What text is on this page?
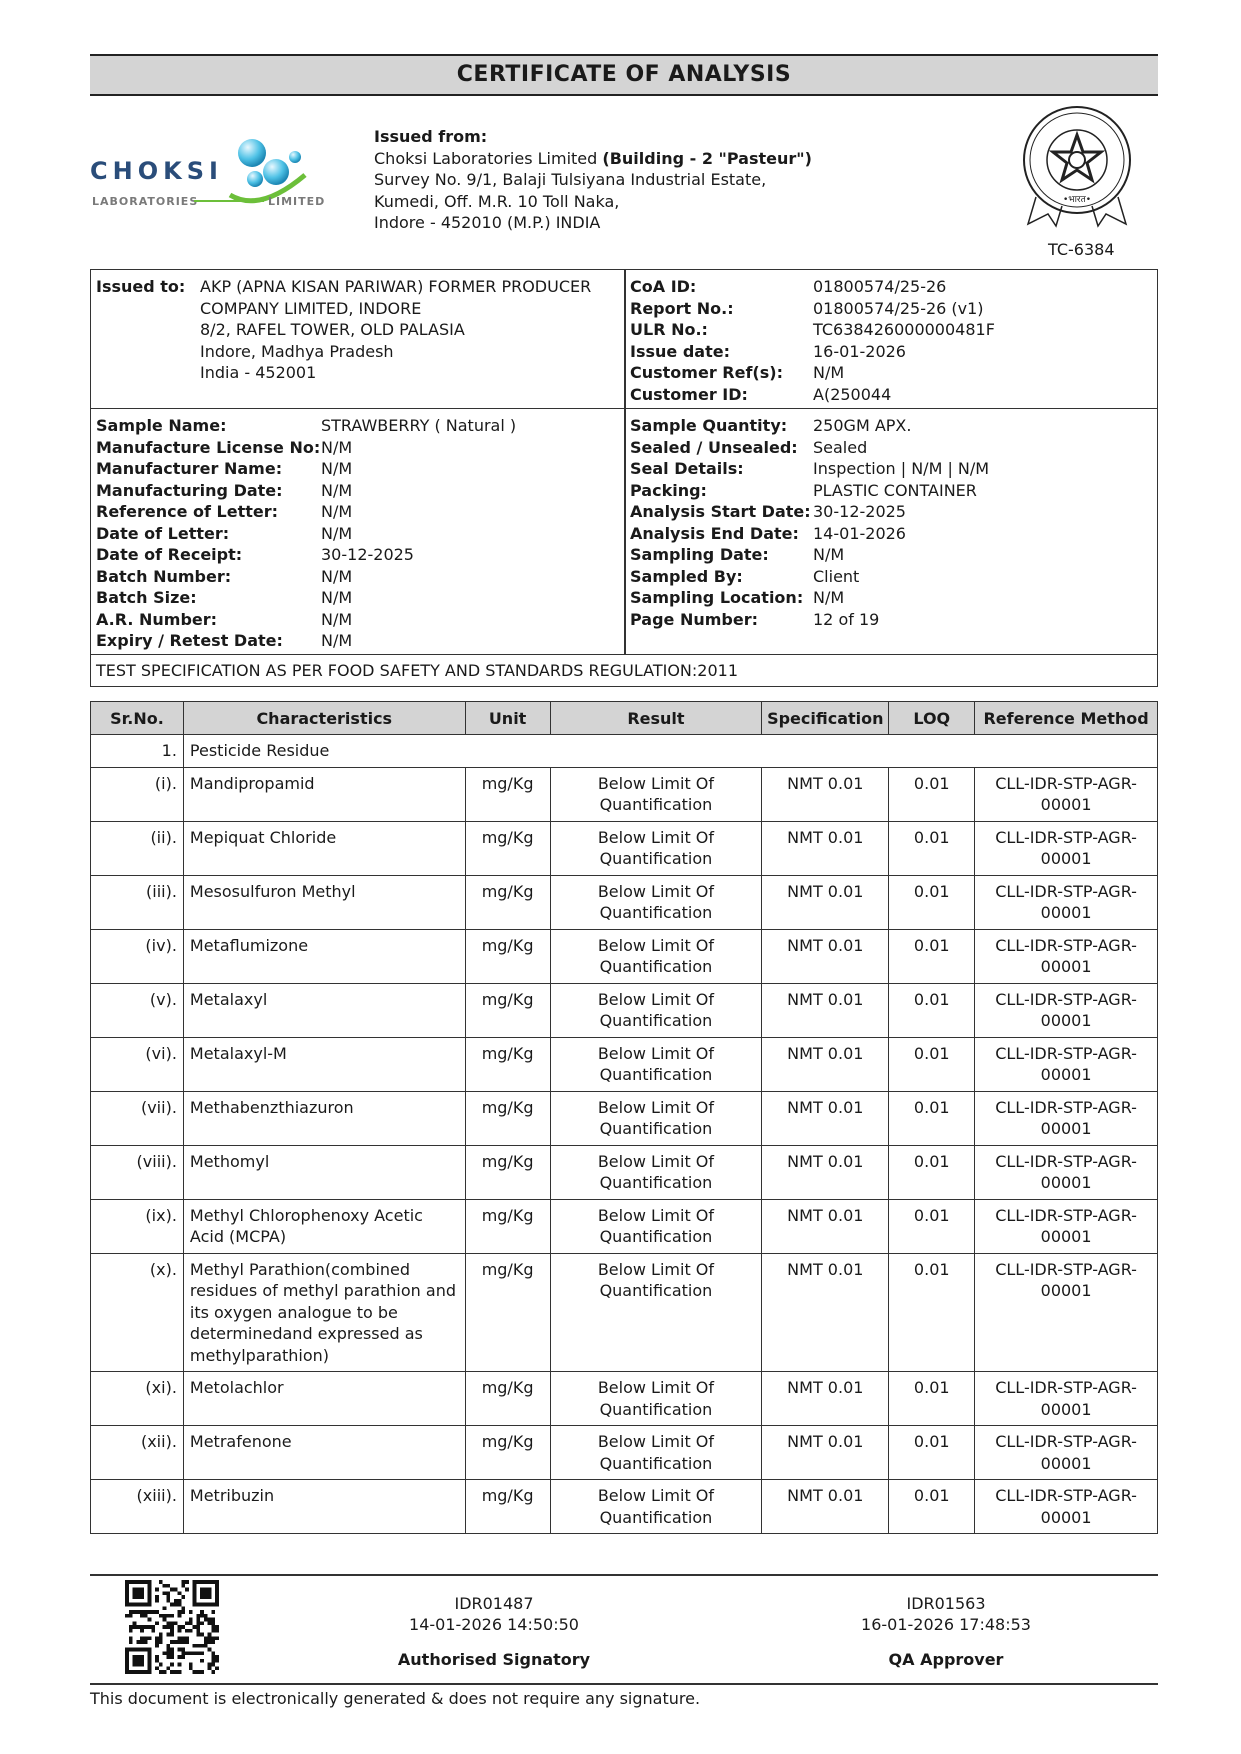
CERTIFICATE OF ANALYSIS
CHOKSI
LABORATORIES	LIMITED
Issued from:
Choksi Laboratories Limited (Building - 2 "Pasteur")
Survey No. 9/1, Balaji Tulsiyana Industrial Estate,
Kumedi, Off. M.R. 10 Toll Naka,
Indore - 452010 (M.P.) INDIA
•भारत•
TC-6384
Issued to: AKP (APNA KISAN PARIWAR) FORMER PRODUCER
COMPANY LIMITED, INDORE
8/2, RAFEL TOWER, OLD PALASIA
Indore, Madhya Pradesh
India - 452001
CoA ID:	01800574/25-26
Report No.:	01800574/25-26 (v1)
ULR No.:	TC638426000000481F
Issue date:	16-01-2026
Customer Ref(s):	N/M
Customer ID:	A(250044
Sample Name:	STRAWBERRY ( Natural )
Manufacture License No: N/M
Manufacturer Name:	N/M
Manufacturing Date:	N/M
Reference of Letter:	N/M
Date of Letter:	N/M
Date of Receipt:	30-12-2025
Batch Number:	N/M
Batch Size:	N/M
A.R. Number:	N/M
Expiry / Retest Date:	N/M
Sample Quantity:	250GM APX.
Sealed / Unsealed: Sealed
Seal Details:	Inspection | N/M | N/M
Packing:	PLASTIC CONTAINER
Analysis Start Date: 30-12-2025
Analysis End Date: 14-01-2026
Sampling Date:	N/M
Sampled By:	Client
Sampling Location: N/M
Page Number:	12 of 19
TEST SPECIFICATION AS PER FOOD SAFETY AND STANDARDS REGULATION:2011
Sr.No.	Characteristics	Unit	Result	Specification	LOQ	Reference Method
1.	Pesticide Residue					
(i).	Mandipropamid	mg/Kg	Below Limit Of Quantification	NMT 0.01	0.01	CLL-IDR-STP-AGR-00001
(ii).	Mepiquat Chloride	mg/Kg	Below Limit Of Quantification	NMT 0.01	0.01	CLL-IDR-STP-AGR-00001
(iii).	Mesosulfuron Methyl	mg/Kg	Below Limit Of Quantification	NMT 0.01	0.01	CLL-IDR-STP-AGR-00001
(iv).	Metaflumizone	mg/Kg	Below Limit Of Quantification	NMT 0.01	0.01	CLL-IDR-STP-AGR-00001
(v).	Metalaxyl	mg/Kg	Below Limit Of Quantification	NMT 0.01	0.01	CLL-IDR-STP-AGR-00001
(vi).	Metalaxyl-M	mg/Kg	Below Limit Of Quantification	NMT 0.01	0.01	CLL-IDR-STP-AGR-00001
(vii).	Methabenzthiazuron	mg/Kg	Below Limit Of Quantification	NMT 0.01	0.01	CLL-IDR-STP-AGR-00001
(viii).	Methomyl	mg/Kg	Below Limit Of Quantification	NMT 0.01	0.01	CLL-IDR-STP-AGR-00001
(ix).	Methyl Chlorophenoxy Acetic Acid (MCPA)	mg/Kg	Below Limit Of Quantification	NMT 0.01	0.01	CLL-IDR-STP-AGR-00001
(x).	Methyl Parathion(combined residues of methyl parathion and its oxygen analogue to be determinedand expressed as methylparathion)	mg/Kg	Below Limit Of Quantification	NMT 0.01	0.01	CLL-IDR-STP-AGR-00001
(xi).	Metolachlor	mg/Kg	Below Limit Of Quantification	NMT 0.01	0.01	CLL-IDR-STP-AGR-00001
(xii).	Metrafenone	mg/Kg	Below Limit Of Quantification	NMT 0.01	0.01	CLL-IDR-STP-AGR-00001
(xiii).	Metribuzin	mg/Kg	Below Limit Of Quantification	NMT 0.01	0.01	CLL-IDR-STP-AGR-00001
IDR01487
14-01-2026 14:50:50
Authorised Signatory
IDR01563
16-01-2026 17:48:53
QA Approver
This document is electronically generated & does not require any signature.
